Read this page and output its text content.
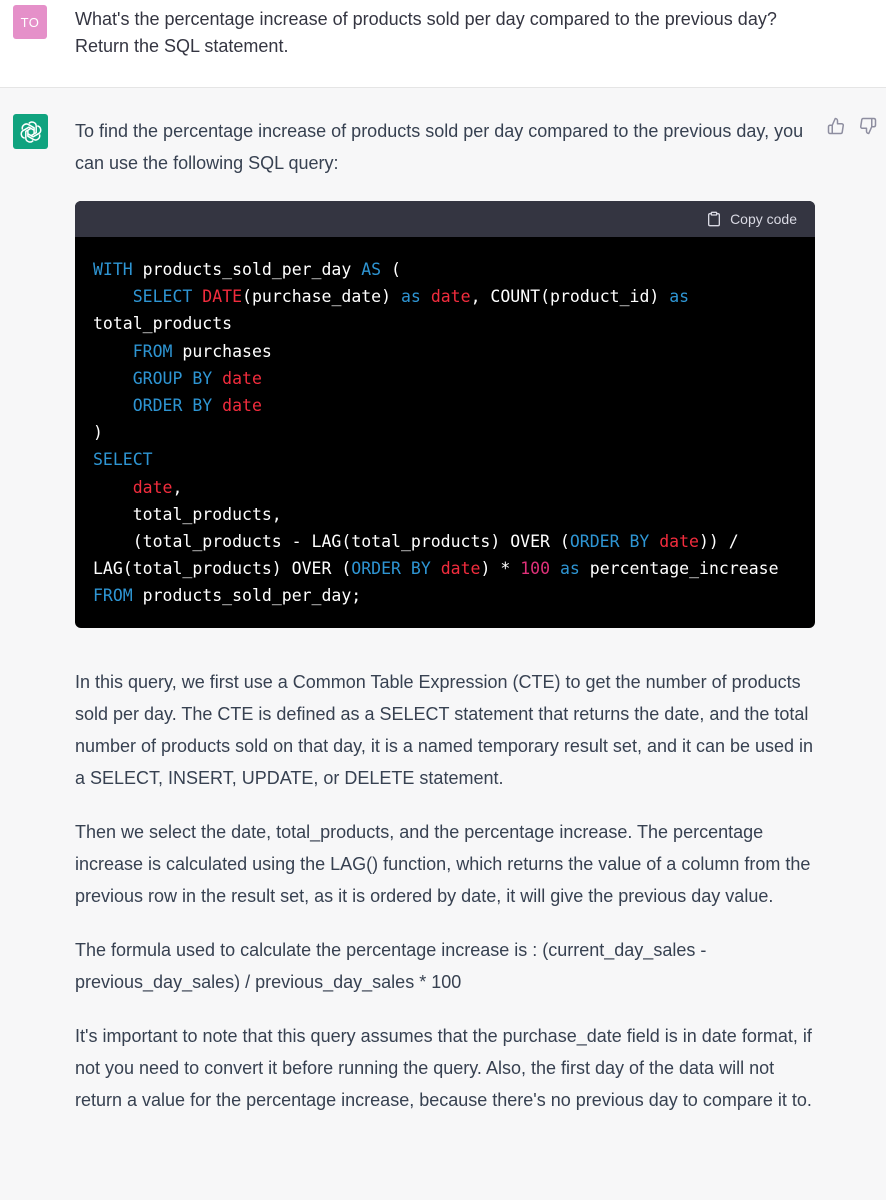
TO	What's the percentage increase of products sold per day compared to the previous day? Return the SQL statement.

To find the percentage increase of products sold per day compared to the previous day, you can use the following SQL query:

Copy code
WITH products_sold_per_day AS (
SELECT DATE(purchase_date) as date, COUNT(product_id) as
total_products
FROM purchases
GROUP BY date
ORDER BY date
)
SELECT
date,
total_products,
(total_products - LAG(total_products) OVER (ORDER BY date)) /
LAG(total_products) OVER (ORDER BY date) * 100 as percentage_increase
FROM products_sold_per_day;

In this query, we first use a Common Table Expression (CTE) to get the number of products sold per day. The CTE is defined as a SELECT statement that returns the date, and the total number of products sold on that day, it is a named temporary result set, and it can be used in a SELECT, INSERT, UPDATE, or DELETE statement.

Then we select the date, total_products, and the percentage increase. The percentage increase is calculated using the LAG() function, which returns the value of a column from the previous row in the result set, as it is ordered by date, it will give the previous day value.

The formula used to calculate the percentage increase is : (current_day_sales - previous_day_sales) / previous_day_sales * 100

It's important to note that this query assumes that the purchase_date field is in date format, if not you need to convert it before running the query. Also, the first day of the data will not return a value for the percentage increase, because there's no previous day to compare it to.
